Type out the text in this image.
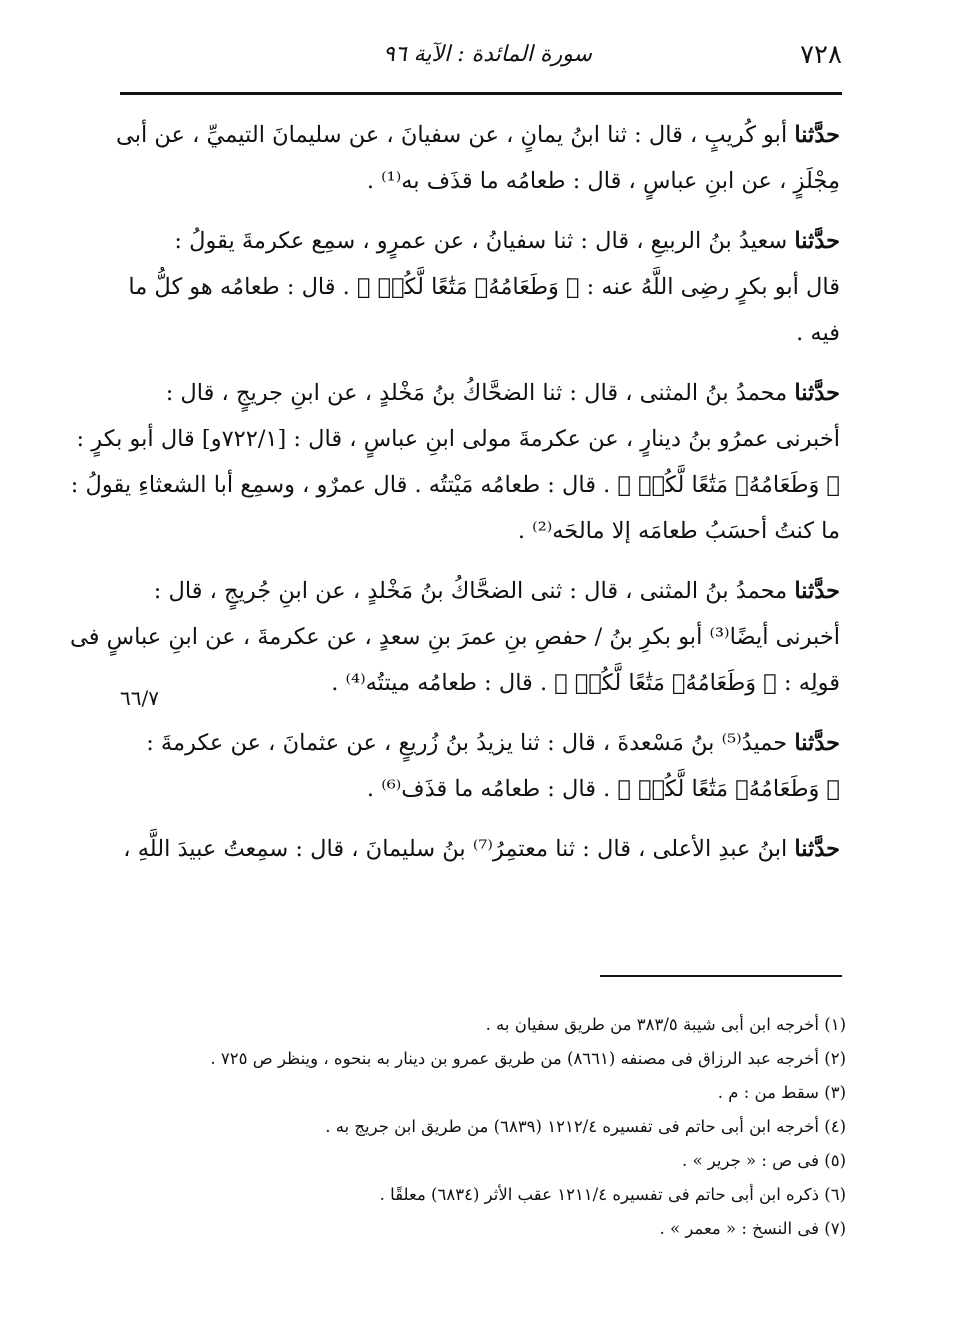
٧٢٨
سورة المائدة : الآية ٩٦
٦٦/٧
حدَّثنا أبو كُريبٍ ، قال : ثنا ابنُ يمانٍ ، عن سفيانَ ، عن سليمانَ التيميِّ ، عن أبى
مِجْلَزٍ ، عن ابنِ عباسٍ ، قال : طعامُه ما قذَف به⁽¹⁾ .
حدَّثنا سعيدُ بنُ الربيعِ ، قال : ثنا سفيانُ ، عن عمرٍو ، سمِع عكرمةَ يقولُ :
قال أبو بكرٍ رضِى اللَّهُ عنه : ﴿ وَطَعَامُهُۥ مَتَٰعًا لَّكُمۡ ﴾ . قال : طعامُه هو كلُّ ما
فيه .
حدَّثنا محمدُ بنُ المثنى ، قال : ثنا الضحَّاكُ بنُ مَخْلدٍ ، عن ابنِ جريجٍ ، قال :
أخبرنى عمرُو بنُ دينارٍ ، عن عكرمةَ مولى ابنِ عباسٍ ، قال : [٧٢٢/١و] قال أبو بكرٍ :
﴿ وَطَعَامُهُۥ مَتَٰعًا لَّكُمۡ ﴾ . قال : طعامُه مَيْتتُه . قال عمرٌو ، وسمِع أبا الشعثاءِ يقولُ :
ما كنتُ أحسَبُ طعامَه إلا مالحَه⁽²⁾ .
حدَّثنا محمدُ بنُ المثنى ، قال : ثنى الضحَّاكُ بنُ مَخْلدٍ ، عن ابنِ جُريجٍ ، قال :
أخبرنى أيضًا⁽³⁾ أبو بكرِ بنُ / حفصِ بنِ عمرَ بنِ سعدٍ ، عن عكرمةَ ، عن ابنِ عباسٍ فى
قولِه : ﴿ وَطَعَامُهُۥ مَتَٰعًا لَّكُمۡ ﴾ . قال : طعامُه ميتتُه⁽⁴⁾ .
حدَّثنا حميدُ⁽⁵⁾ بنُ مَسْعدةَ ، قال : ثنا يزيدُ بنُ زُريعٍ ، عن عثمانَ ، عن عكرمةَ :
﴿ وَطَعَامُهُۥ مَتَٰعًا لَّكُمۡ ﴾ . قال : طعامُه ما قذَف⁽⁶⁾ .
حدَّثنا ابنُ عبدِ الأعلى ، قال : ثنا معتمِرُ⁽⁷⁾ بنُ سليمانَ ، قال : سمِعتُ عبيدَ اللَّهِ ،
(١) أخرجه ابن أبى شيبة ٣٨٣/٥ من طريق سفيان به .
(٢) أخرجه عبد الرزاق فى مصنفه (٨٦٦١) من طريق عمرو بن دينار به بنحوه ، وينظر ص ٧٢٥ .
(٣) سقط من : م .
(٤) أخرجه ابن أبى حاتم فى تفسيره ١٢١٢/٤ (٦٨٣٩) من طريق ابن جريج به .
(٥) فى ص : « جرير » .
(٦) ذكره ابن أبى حاتم فى تفسيره ١٢١١/٤ عقب الأثر (٦٨٣٤) معلقًا .
(٧) فى النسخ : « معمر » .
